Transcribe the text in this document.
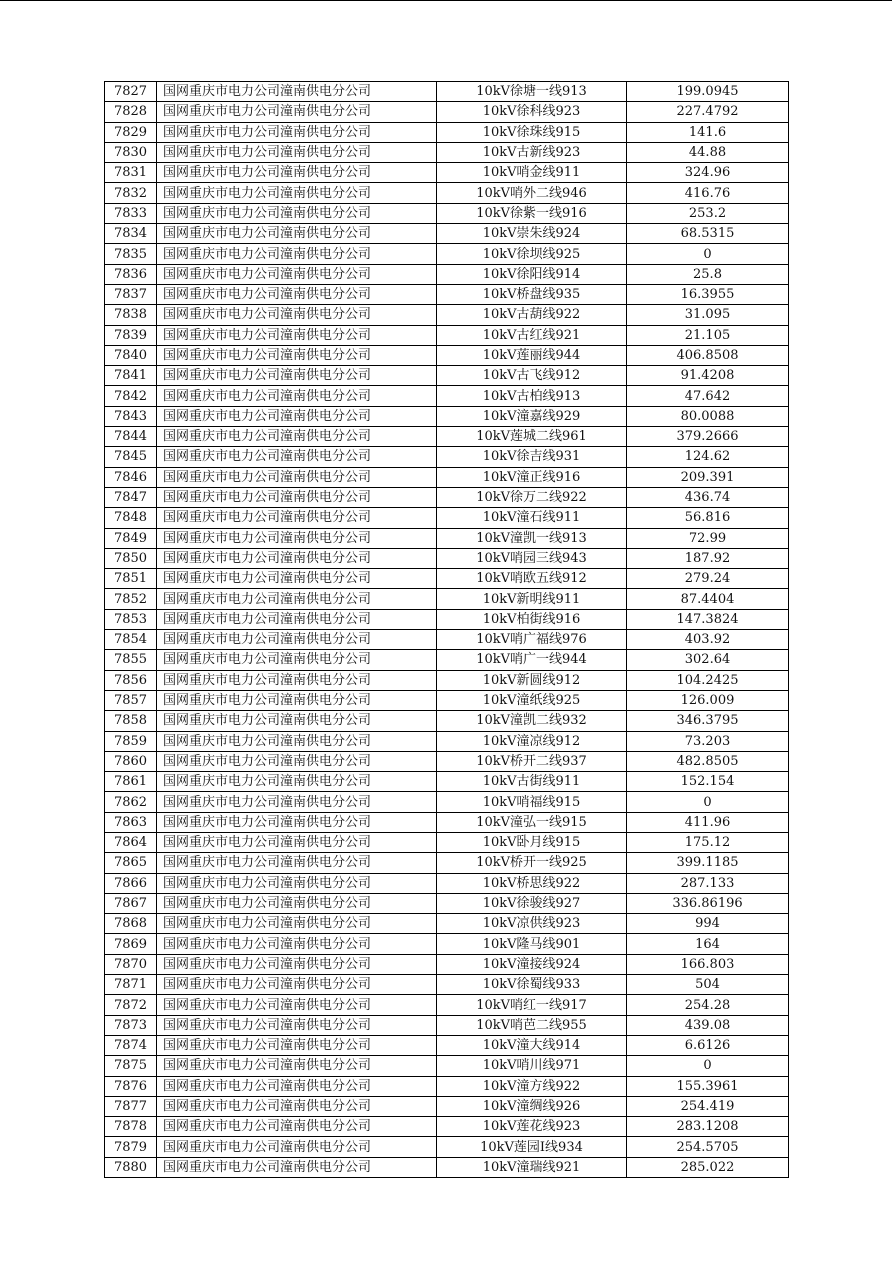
7827	国网重庆市电力公司潼南供电分公司	10kV徐塘一线913	199.0945
7828	国网重庆市电力公司潼南供电分公司	10kV徐科线923	227.4792
7829	国网重庆市电力公司潼南供电分公司	10kV徐珠线915	141.6
7830	国网重庆市电力公司潼南供电分公司	10kV古新线923	44.88
7831	国网重庆市电力公司潼南供电分公司	10kV哨金线911	324.96
7832	国网重庆市电力公司潼南供电分公司	10kV哨外二线946	416.76
7833	国网重庆市电力公司潼南供电分公司	10kV徐紫一线916	253.2
7834	国网重庆市电力公司潼南供电分公司	10kV崇朱线924	68.5315
7835	国网重庆市电力公司潼南供电分公司	10kV徐坝线925	0
7836	国网重庆市电力公司潼南供电分公司	10kV徐阳线914	25.8
7837	国网重庆市电力公司潼南供电分公司	10kV桥盘线935	16.3955
7838	国网重庆市电力公司潼南供电分公司	10kV古葫线922	31.095
7839	国网重庆市电力公司潼南供电分公司	10kV古红线921	21.105
7840	国网重庆市电力公司潼南供电分公司	10kV莲丽线944	406.8508
7841	国网重庆市电力公司潼南供电分公司	10kV古飞线912	91.4208
7842	国网重庆市电力公司潼南供电分公司	10kV古柏线913	47.642
7843	国网重庆市电力公司潼南供电分公司	10kV潼嘉线929	80.0088
7844	国网重庆市电力公司潼南供电分公司	10kV莲城二线961	379.2666
7845	国网重庆市电力公司潼南供电分公司	10kV徐吉线931	124.62
7846	国网重庆市电力公司潼南供电分公司	10kV潼正线916	209.391
7847	国网重庆市电力公司潼南供电分公司	10kV徐万二线922	436.74
7848	国网重庆市电力公司潼南供电分公司	10kV潼石线911	56.816
7849	国网重庆市电力公司潼南供电分公司	10kV潼凯一线913	72.99
7850	国网重庆市电力公司潼南供电分公司	10kV哨园三线943	187.92
7851	国网重庆市电力公司潼南供电分公司	10kV哨欧五线912	279.24
7852	国网重庆市电力公司潼南供电分公司	10kV新明线911	87.4404
7853	国网重庆市电力公司潼南供电分公司	10kV柏街线916	147.3824
7854	国网重庆市电力公司潼南供电分公司	10kV哨广福线976	403.92
7855	国网重庆市电力公司潼南供电分公司	10kV哨广一线944	302.64
7856	国网重庆市电力公司潼南供电分公司	10kV新圆线912	104.2425
7857	国网重庆市电力公司潼南供电分公司	10kV潼纸线925	126.009
7858	国网重庆市电力公司潼南供电分公司	10kV潼凯二线932	346.3795
7859	国网重庆市电力公司潼南供电分公司	10kV潼凉线912	73.203
7860	国网重庆市电力公司潼南供电分公司	10kV桥开二线937	482.8505
7861	国网重庆市电力公司潼南供电分公司	10kV古街线911	152.154
7862	国网重庆市电力公司潼南供电分公司	10kV哨福线915	0
7863	国网重庆市电力公司潼南供电分公司	10kV潼弘一线915	411.96
7864	国网重庆市电力公司潼南供电分公司	10kV卧月线915	175.12
7865	国网重庆市电力公司潼南供电分公司	10kV桥开一线925	399.1185
7866	国网重庆市电力公司潼南供电分公司	10kV桥思线922	287.133
7867	国网重庆市电力公司潼南供电分公司	10kV徐骏线927	336.86196
7868	国网重庆市电力公司潼南供电分公司	10kV凉供线923	994
7869	国网重庆市电力公司潼南供电分公司	10kV隆马线901	164
7870	国网重庆市电力公司潼南供电分公司	10kV潼接线924	166.803
7871	国网重庆市电力公司潼南供电分公司	10kV徐蜀线933	504
7872	国网重庆市电力公司潼南供电分公司	10kV哨红一线917	254.28
7873	国网重庆市电力公司潼南供电分公司	10kV哨芭二线955	439.08
7874	国网重庆市电力公司潼南供电分公司	10kV潼大线914	6.6126
7875	国网重庆市电力公司潼南供电分公司	10kV哨川线971	0
7876	国网重庆市电力公司潼南供电分公司	10kV潼方线922	155.3961
7877	国网重庆市电力公司潼南供电分公司	10kV潼绸线926	254.419
7878	国网重庆市电力公司潼南供电分公司	10kV莲花线923	283.1208
7879	国网重庆市电力公司潼南供电分公司	10kV莲园I线934	254.5705
7880	国网重庆市电力公司潼南供电分公司	10kV潼瑞线921	285.022
